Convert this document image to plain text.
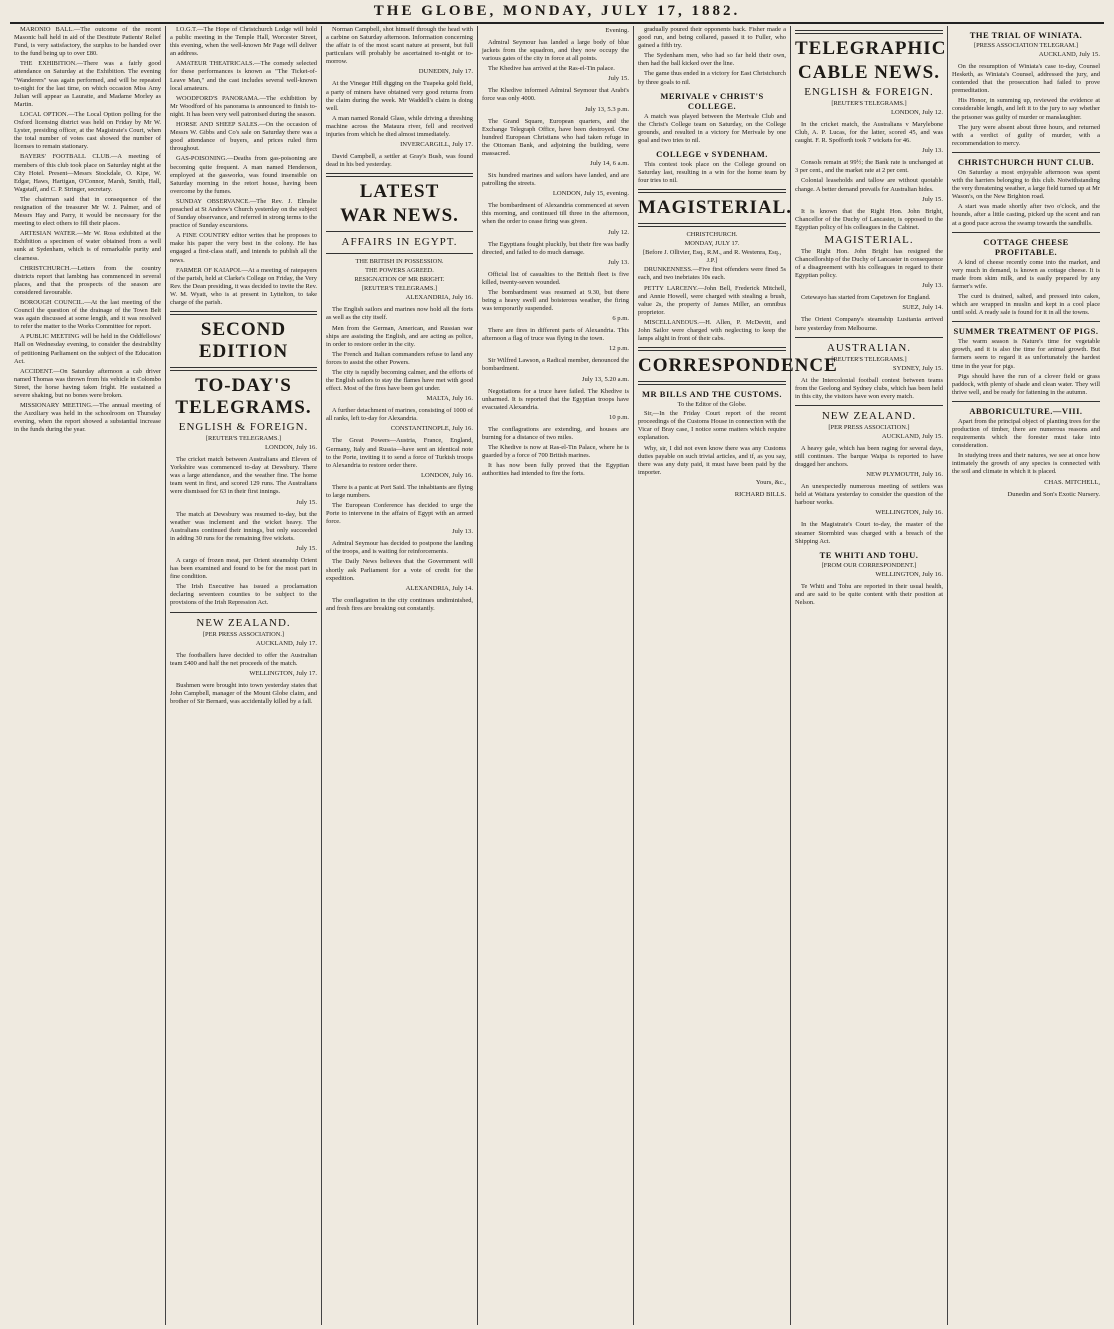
THE GLOBE, MONDAY, JULY 17, 1882.

MARONIO BALL.—The outcome of the recent Masonic ball held in aid of the Destitute Patients' Relief Fund, is very satisfactory, the surplus to be handed over to the fund being up to over £80.

THE EXHIBITION.—There was a fairly good attendance on Saturday at the Exhibition. The evening "Wanderers" was again performed, and will be repeated to-night for the last time, on which occasion Miss Amy Julian will appear as Lauratte, and Madame Morley as Martin.

LOCAL OPTION.—The Local Option polling for the Oxford licensing district was held on Friday by Mr W. Lyster, presiding officer, at the Magistrate's Court, when the total number of votes cast showed the number of licenses to remain stationary.

BAYERS' FOOTBALL CLUB.—A meeting of members of this club took place on Saturday night at the City Hotel. Present—Messrs Stockdale, O. Kipe, W. Edgar, Haws, Hartigan, O'Connor, Marsh, Smith, Hall, Wagstaff, and C. P. Stringer, secretary.

The chairman said that in consequence of the resignation of the treasurer Mr W. J. Palmer, and of Messrs Hay and Parry, it would be necessary for the meeting to elect others to fill their places.

ARTESIAN WATER.—Mr W. Ross exhibited at the Exhibition a specimen of water obtained from a well sunk at Sydenham, which is of remarkable purity and clearness.

CHRISTCHURCH.—Letters from the country districts report that lambing has commenced in several places, and that the prospects of the season are considered favourable.

BOROUGH COUNCIL.—At the last meeting of the Council the question of the drainage of the Town Belt was again discussed at some length, and it was resolved to refer the matter to the Works Committee for report.

A PUBLIC MEETING will be held in the Oddfellows' Hall on Wednesday evening, to consider the desirability of petitioning Parliament on the subject of the Education Act.

ACCIDENT.—On Saturday afternoon a cab driver named Thomas was thrown from his vehicle in Colombo Street, the horse having taken fright. He sustained a severe shaking, but no bones were broken.

MISSIONARY MEETING.—The annual meeting of the Auxiliary was held in the schoolroom on Thursday evening, when the report showed a substantial increase in the funds during the year.

I.O.G.T.—The Hope of Christchurch Lodge will hold a public meeting in the Temple Hall, Worcester Street, this evening, when the well-known Mr Page will deliver an address.

AMATEUR THEATRICALS.—The comedy selected for these performances is known as "The Ticket-of-Leave Man," and the cast includes several well-known local amateurs.

WOODFORD'S PANORAMA.—The exhibition by Mr Woodford of his panorama is announced to finish to-night. It has been very well patronised during the season.

HORSE AND SHEEP SALES.—On the occasion of Messrs W. Gibbs and Co's sale on Saturday there was a good attendance of buyers, and prices ruled firm throughout.

GAS-POISONING.—Deaths from gas-poisoning are becoming quite frequent. A man named Henderson, employed at the gasworks, was found insensible on Saturday morning in the retort house, having been overcome by the fumes.

SUNDAY OBSERVANCE.—The Rev. J. Elmslie preached at St Andrew's Church yesterday on the subject of Sunday observance, and referred in strong terms to the practice of Sunday excursions.

A FINE COUNTRY editor writes that he proposes to make his paper the very best in the colony. He has engaged a first-class staff, and intends to publish all the news.

FARMER OF KAIAPOI.—At a meeting of ratepayers of the parish, held at Clarke's College on Friday, the Very Rev. the Dean presiding, it was decided to invite the Rev. W. M. Wyatt, who is at present in Lyttelton, to take charge of the parish.

SECOND EDITION
TO-DAY'S TELEGRAMS.
ENGLISH & FOREIGN.
[REUTER'S TELEGRAMS.]
LONDON, July 16.

The cricket match between Australians and Eleven of Yorkshire was commenced to-day at Dewsbury. There was a large attendance, and the weather fine. The home team went in first, and scored 129 runs. The Australians were dismissed for 63 in their first innings.

July 15.

The match at Dewsbury was resumed to-day, but the weather was inclement and the wicket heavy. The Australians continued their innings, but only succeeded in adding 30 runs for the remaining five wickets.

July 15.

A cargo of frozen meat, per Orient steamship Orient has been examined and found to be for the most part in fine condition.

The Irish Executive has issued a proclamation declaring seventeen counties to be subject to the provisions of the Irish Repression Act.

NEW ZEALAND.
[PER PRESS ASSOCIATION.]
AUCKLAND, July 17.

The footballers have decided to offer the Australian team £400 and half the net proceeds of the match.

WELLINGTON, July 17.

Bushmen were brought into town yesterday states that John Campbell, manager of the Mount Globe claim, and brother of Sir Bernard, was accidentally killed by a fall.

Norman Campbell, shot himself through the head with a carbine on Saturday afternoon. Information concerning the affair is of the most scant nature at present, but full particulars will probably be ascertained to-night or to-morrow.

DUNEDIN, July 17.

At the Vinegar Hill digging on the Tuapeka gold field, a party of miners have obtained very good returns from the claim during the week. Mr Waddell's claim is doing well.

A man named Ronald Glass, while driving a threshing machine across the Mataura river, fell and received injuries from which he died almost immediately.

INVERCARGILL, July 17.

David Campbell, a settler at Gray's Bush, was found dead in his bed yesterday.

LATEST
WAR NEWS.
AFFAIRS IN EGYPT.
THE BRITISH IN POSSESSION.
THE POWERS AGREED.
RESIGNATION OF MR BRIGHT.
[REUTER'S TELEGRAMS.]
ALEXANDRIA, July 16.

The English sailors and marines now hold all the forts as well as the city itself.

Men from the German, American, and Russian war ships are assisting the English, and are acting as police, in order to restore order in the city.

The French and Italian commanders refuse to land any forces to assist the other Powers.

The city is rapidly becoming calmer, and the efforts of the English sailors to stay the flames have met with good effect. Most of the fires have been got under.

MALTA, July 16.

A further detachment of marines, consisting of 1000 of all ranks, left to-day for Alexandria.

CONSTANTINOPLE, July 16.

The Great Powers—Austria, France, England, Germany, Italy and Russia—have sent an identical note to the Porte, inviting it to send a force of Turkish troops to Alexandria to restore order there.

LONDON, July 16.

There is a panic at Port Said. The inhabitants are flying to large numbers.

The European Conference has decided to urge the Porte to intervene in the affairs of Egypt with an armed force.

July 13.

Admiral Seymour has decided to postpone the landing of the troops, and is waiting for reinforcements.

The Daily News believes that the Government will shortly ask Parliament for a vote of credit for the expedition.

ALEXANDRIA, July 14.

The conflagration in the city continues undiminished, and fresh fires are breaking out constantly.

Evening.

Admiral Seymour has landed a large body of blue jackets from the squadron, and they now occupy the various gates of the city in force at all points.

The Khedive has arrived at the Ras-el-Tin palace.

July 15.

The Khedive informed Admiral Seymour that Arabi's force was only 4000.

July 13, 5.3 p.m.

The Grand Square, European quarters, and the Exchange Telegraph Office, have been destroyed. One hundred European Christians who had taken refuge in the Ottoman Bank, and adjoining the building, were massacred.

July 14, 6 a.m.

Six hundred marines and sailors have landed, and are patrolling the streets.

LONDON, July 15, evening.

The bombardment of Alexandria commenced at seven this morning, and continued till three in the afternoon, when the order to cease firing was given.

July 12.

The Egyptians fought pluckily, but their fire was badly directed, and failed to do much damage.

July 13.

Official list of casualties to the British fleet is five killed, twenty-seven wounded.

The bombardment was resumed at 9.30, but there being a heavy swell and boisterous weather, the firing was temporarily suspended.

6 p.m.

There are fires in different parts of Alexandria. This afternoon a flag of truce was flying in the town.

12 p.m.

Sir Wilfred Lawson, a Radical member, denounced the bombardment.

July 13, 5.20 a.m.

Negotiations for a truce have failed. The Khedive is unharmed. It is reported that the Egyptian troops have evacuated Alexandria.

10 p.m.

The conflagrations are extending, and houses are burning for a distance of two miles.

The Khedive is now at Ras-el-Tin Palace, where he is guarded by a force of 700 British marines.

It has now been fully proved that the Egyptian authorities had intended to fire the forts.

gradually poured their opponents back. Fisher made a good run, and being collared, passed it to Fuller, who gained a fifth try.

The Sydenham men, who had so far held their own, then had the ball kicked over the line.

The game thus ended in a victory for East Christchurch by three goals to nil.

MERIVALE v CHRIST'S COLLEGE.

A match was played between the Merivale Club and the Christ's College team on Saturday, on the College grounds, and resulted in a victory for Merivale by one goal and two tries to nil.

COLLEGE v SYDENHAM.

This contest took place on the College ground on Saturday last, resulting in a win for the home team by four tries to nil.

MAGISTERIAL.
CHRISTCHURCH.
MONDAY, JULY 17.
[Before J. Ollivier, Esq., R.M., and R. Westenra, Esq., J.P.]

DRUNKENNESS.—Five first offenders were fined 5s each, and two inebriates 10s each.

PETTY LARCENY.—John Bell, Frederick Mitchell, and Annie Howell, were charged with stealing a brush, value 2s, the property of James Miller, an omnibus proprietor.

MISCELLANEOUS.—H. Allen, P. McDevitt, and John Sailor were charged with neglecting to keep the lamps alight in front of their cabs.

CORRESPONDENCE
MR BILLS AND THE CUSTOMS.
To the Editor of the Globe.

Sir,—In the Friday Court report of the recent proceedings of the Customs House in connection with the Vicar of Bray case, I notice some matters which require explanation.

Why, sir, I did not even know there was any Customs duties payable on such trivial articles, and if, as you say, there was any duty paid, it must have been paid by the importer.

Yours, &c.,
RICHARD BILLS.
TELEGRAPHIC
CABLE NEWS.
ENGLISH & FOREIGN.
[REUTER'S TELEGRAMS.]
LONDON, July 12.

In the cricket match, the Australians v Marylebone Club, A. P. Lucas, for the latter, scored 45, and was caught. F. R. Spofforth took 7 wickets for 46.

July 13.

Consols remain at 99½; the Bank rate is unchanged at 3 per cent., and the market rate at 2 per cent.

Colonial leaseholds and tallow are without quotable change. A better demand prevails for Australian hides.

July 15.

It is known that the Right Hon. John Bright, Chancellor of the Duchy of Lancaster, is opposed to the Egyptian policy of his colleagues in the Cabinet.

MAGISTERIAL.

The Right Hon. John Bright has resigned the Chancellorship of the Duchy of Lancaster in consequence of a disagreement with his colleagues in regard to their Egyptian policy.

July 13.

Cetewayo has started from Capetown for England.

SUEZ, July 14.

The Orient Company's steamship Lusitania arrived here yesterday from Melbourne.

AUSTRALIAN.
[REUTER'S TELEGRAMS.]
SYDNEY, July 15.

At the Intercolonial football contest between teams from the Geelong and Sydney clubs, which has been held in this city, the visitors have won every match.

NEW ZEALAND.
[PER PRESS ASSOCIATION.]
AUCKLAND, July 15.

A heavy gale, which has been raging for several days, still continues. The barque Waipa is reported to have dragged her anchors.

NEW PLYMOUTH, July 16.

An unexpectedly numerous meeting of settlers was held at Waitara yesterday to consider the question of the harbour works.

WELLINGTON, July 16.

In the Magistrate's Court to-day, the master of the steamer Stormbird was charged with a breach of the Shipping Act.

TE WHITI AND TOHU.
[FROM OUR CORRESPONDENT.]
WELLINGTON, July 16.

Te Whiti and Tohu are reported in their usual health, and are said to be quite content with their position at Nelson.

THE TRIAL OF WINIATA.
[PRESS ASSOCIATION TELEGRAM.]
AUCKLAND, July 15.

On the resumption of Winiata's case to-day, Counsel Hesketh, as Winiata's Counsel, addressed the jury, and contended that the prosecution had failed to prove premeditation.

His Honor, in summing up, reviewed the evidence at considerable length, and left it to the jury to say whether the prisoner was guilty of murder or manslaughter.

The jury were absent about three hours, and returned with a verdict of guilty of murder, with a recommendation to mercy.

CHRISTCHURCH HUNT CLUB.

On Saturday a most enjoyable afternoon was spent with the harriers belonging to this club. Notwithstanding the very threatening weather, a large field turned up at Mr Wason's, on the New Brighton road.

A start was made shortly after two o'clock, and the hounds, after a little casting, picked up the scent and ran at a good pace across the swamp towards the sandhills.

COTTAGE CHEESE PROFITABLE.

A kind of cheese recently come into the market, and very much in demand, is known as cottage cheese. It is made from skim milk, and is easily prepared by any farmer's wife.

The curd is drained, salted, and pressed into cakes, which are wrapped in muslin and kept in a cool place until sold. A ready sale is found for it in all the towns.

SUMMER TREATMENT OF PIGS.

The warm season is Nature's time for vegetable growth, and it is also the time for animal growth. But farmers seem to regard it as unfortunately the hardest time in the year for pigs.

Pigs should have the run of a clover field or grass paddock, with plenty of shade and clean water. They will thrive well, and be ready for fattening in the autumn.

ABBORICULTURE.—VIII.

Apart from the principal object of planting trees for the production of timber, there are numerous reasons and requirements which the forester must take into consideration.

In studying trees and their natures, we see at once how intimately the growth of any species is connected with the soil and climate in which it is placed.

CHAS. MITCHELL,
Dunedin and Son's Exotic Nursery.
